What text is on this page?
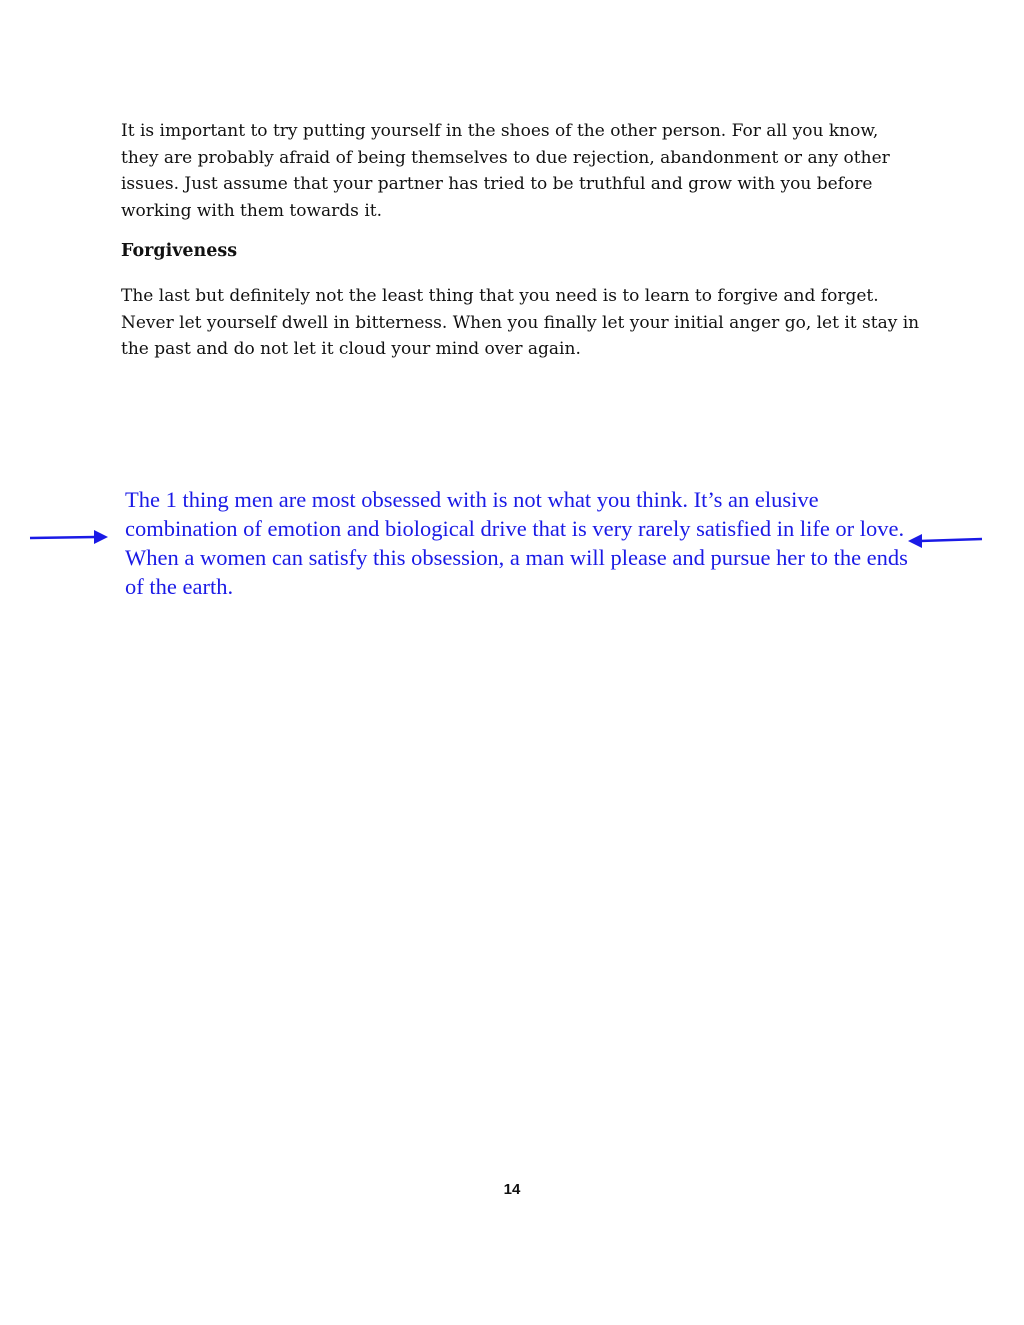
It is important to try putting yourself in the shoes of the other person. For all you know, they are probably afraid of being themselves to due rejection, abandonment or any other issues. Just assume that your partner has tried to be truthful and grow with you before working with them towards it.

Forgiveness

The last but definitely not the least thing that you need is to learn to forgive and forget. Never let yourself dwell in bitterness. When you finally let your initial anger go, let it stay in the past and do not let it cloud your mind over again.

The 1 thing men are most obsessed with is not what you think. It’s an elusive combination of emotion and biological drive that is very rarely satisfied in life or love. When a women can satisfy this obsession, a man will please and pursue her to the ends of the earth.

14
